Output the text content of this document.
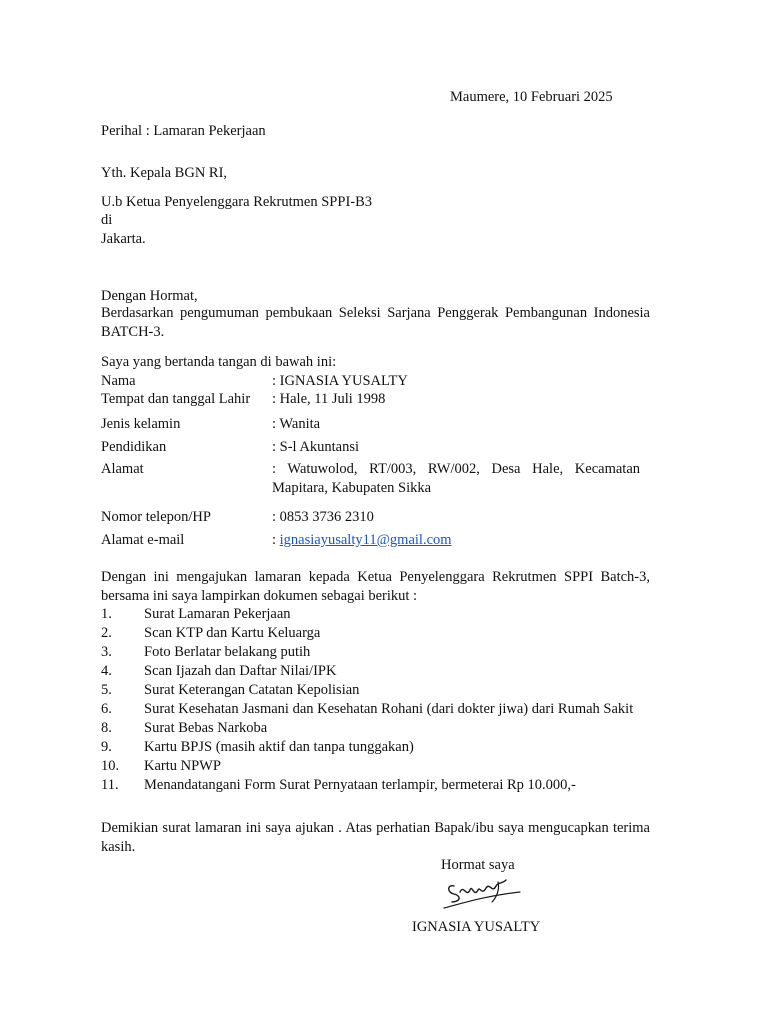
Maumere, 10 Februari 2025
Perihal : Lamaran Pekerjaan
Yth. Kepala BGN RI,
U.b Ketua Penyelenggara Rekrutmen SPPI-B3
di
Jakarta.
Dengan Hormat,
Berdasarkan pengumuman pembukaan Seleksi Sarjana Penggerak Pembangunan Indonesia BATCH-3.
Saya yang bertanda tangan di bawah ini:
Nama	: IGNASIA YUSALTY
Tempat dan tanggal Lahir : Hale, 11 Juli 1998
Jenis kelamin	: Wanita
Pendidikan	: S-l Akuntansi
Alamat	: Watuwolod, RT/003, RW/002, Desa Hale, Kecamatan Mapitara, Kabupaten Sikka
Nomor telepon/HP	: 0853 3736 2310
Alamat e-mail	: ignasiayusalty11@gmail.com
Dengan ini mengajukan lamaran kepada Ketua Penyelenggara Rekrutmen SPPI Batch-3, bersama ini saya lampirkan dokumen sebagai berikut :
1.	Surat Lamaran Pekerjaan
2.	Scan KTP dan Kartu Keluarga
3.	Foto Berlatar belakang putih
4.	Scan Ijazah dan Daftar Nilai/IPK
5.	Surat Keterangan Catatan Kepolisian
6.	Surat Kesehatan Jasmani dan Kesehatan Rohani (dari dokter jiwa) dari Rumah Sakit
8.	Surat Bebas Narkoba
9.	Kartu BPJS (masih aktif dan tanpa tunggakan)
10.	Kartu NPWP
11.	Menandatangani Form Surat Pernyataan terlampir, bermeterai Rp 10.000,-
Demikian surat lamaran ini saya ajukan . Atas perhatian Bapak/ibu saya mengucapkan terima kasih.
Hormat saya
IGNASIA YUSALTY
